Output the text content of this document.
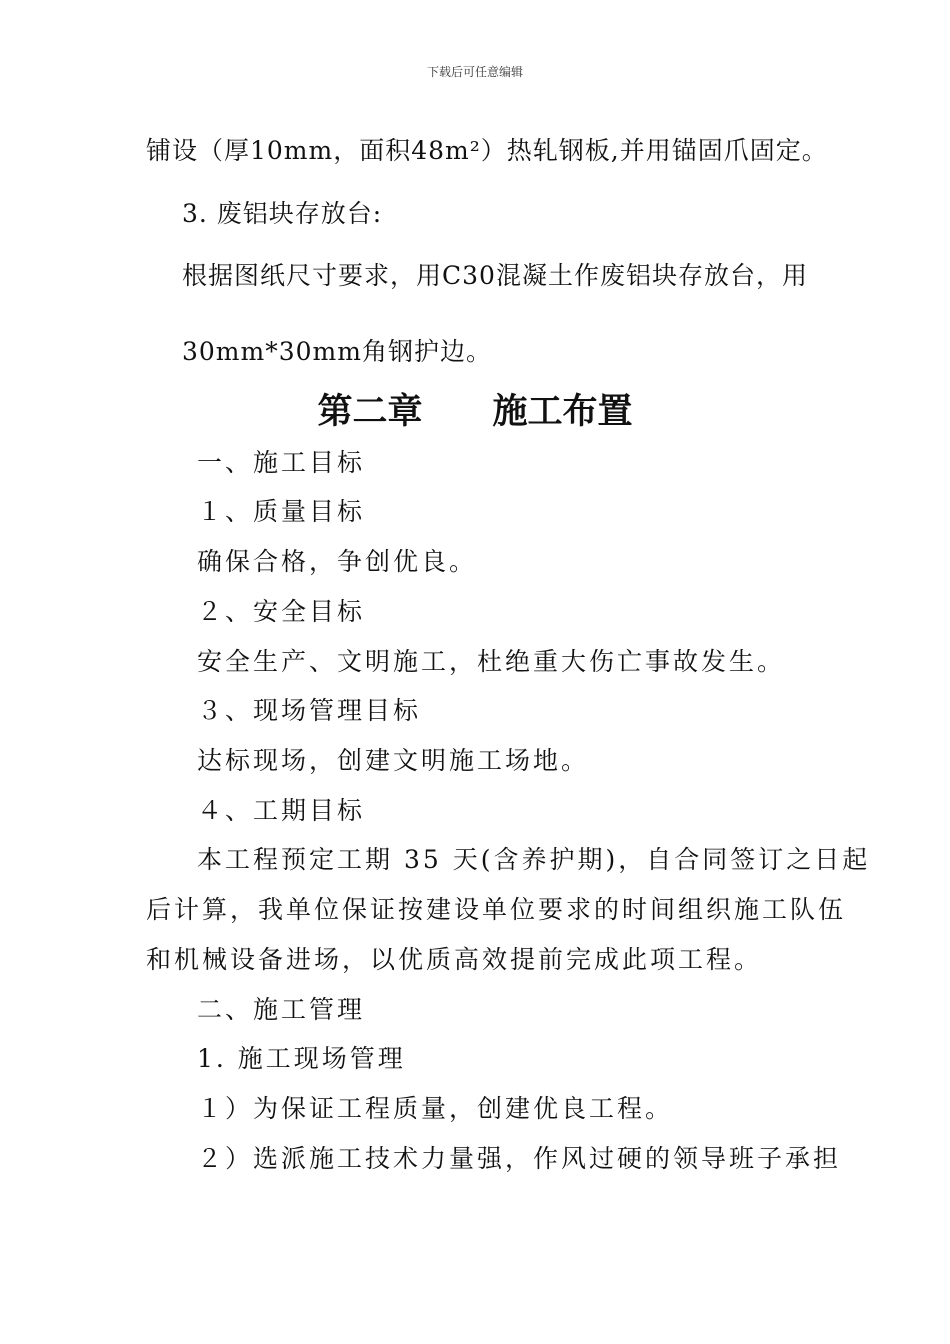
下载后可任意编辑
铺设（厚10mm，面积48m²）热轧钢板,并用锚固爪固定。
3. 废铝块存放台:
根据图纸尺寸要求，用C30混凝土作废铝块存放台，用
30mm*30mm角钢护边。
第二章　　施工布置
一、施工目标
１、质量目标
确保合格，争创优良。
２、安全目标
安全生产、文明施工，杜绝重大伤亡事故发生。
３、现场管理目标
达标现场，创建文明施工场地。
４、工期目标
本工程预定工期 35 天(含养护期)，自合同签订之日起
后计算，我单位保证按建设单位要求的时间组织施工队伍
和机械设备进场，以优质高效提前完成此项工程。
二、施工管理
1. 施工现场管理
１）为保证工程质量，创建优良工程。
２）选派施工技术力量强，作风过硬的领导班子承担
